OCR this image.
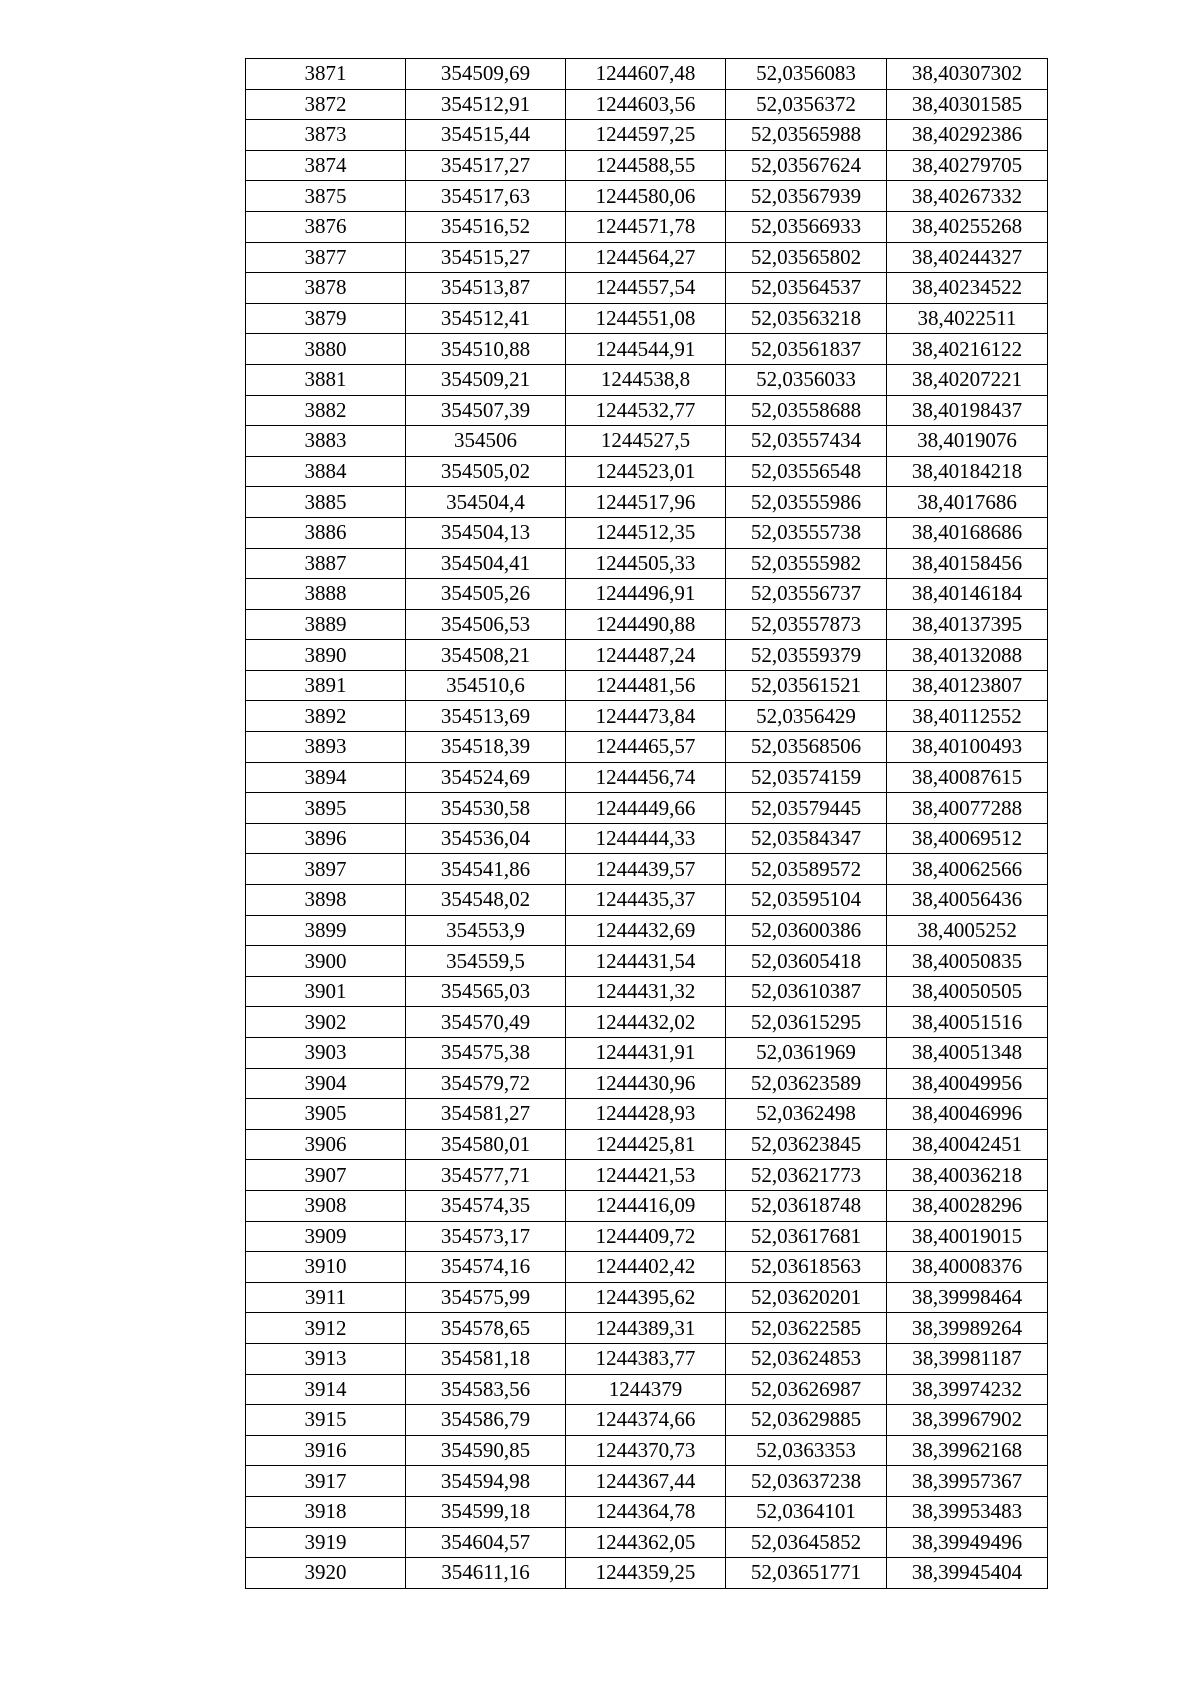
3871	354509,69	1244607,48	52,0356083	38,40307302
3872	354512,91	1244603,56	52,0356372	38,40301585
3873	354515,44	1244597,25	52,03565988	38,40292386
3874	354517,27	1244588,55	52,03567624	38,40279705
3875	354517,63	1244580,06	52,03567939	38,40267332
3876	354516,52	1244571,78	52,03566933	38,40255268
3877	354515,27	1244564,27	52,03565802	38,40244327
3878	354513,87	1244557,54	52,03564537	38,40234522
3879	354512,41	1244551,08	52,03563218	38,4022511
3880	354510,88	1244544,91	52,03561837	38,40216122
3881	354509,21	1244538,8	52,0356033	38,40207221
3882	354507,39	1244532,77	52,03558688	38,40198437
3883	354506	1244527,5	52,03557434	38,4019076
3884	354505,02	1244523,01	52,03556548	38,40184218
3885	354504,4	1244517,96	52,03555986	38,4017686
3886	354504,13	1244512,35	52,03555738	38,40168686
3887	354504,41	1244505,33	52,03555982	38,40158456
3888	354505,26	1244496,91	52,03556737	38,40146184
3889	354506,53	1244490,88	52,03557873	38,40137395
3890	354508,21	1244487,24	52,03559379	38,40132088
3891	354510,6	1244481,56	52,03561521	38,40123807
3892	354513,69	1244473,84	52,0356429	38,40112552
3893	354518,39	1244465,57	52,03568506	38,40100493
3894	354524,69	1244456,74	52,03574159	38,40087615
3895	354530,58	1244449,66	52,03579445	38,40077288
3896	354536,04	1244444,33	52,03584347	38,40069512
3897	354541,86	1244439,57	52,03589572	38,40062566
3898	354548,02	1244435,37	52,03595104	38,40056436
3899	354553,9	1244432,69	52,03600386	38,4005252
3900	354559,5	1244431,54	52,03605418	38,40050835
3901	354565,03	1244431,32	52,03610387	38,40050505
3902	354570,49	1244432,02	52,03615295	38,40051516
3903	354575,38	1244431,91	52,0361969	38,40051348
3904	354579,72	1244430,96	52,03623589	38,40049956
3905	354581,27	1244428,93	52,0362498	38,40046996
3906	354580,01	1244425,81	52,03623845	38,40042451
3907	354577,71	1244421,53	52,03621773	38,40036218
3908	354574,35	1244416,09	52,03618748	38,40028296
3909	354573,17	1244409,72	52,03617681	38,40019015
3910	354574,16	1244402,42	52,03618563	38,40008376
3911	354575,99	1244395,62	52,03620201	38,39998464
3912	354578,65	1244389,31	52,03622585	38,39989264
3913	354581,18	1244383,77	52,03624853	38,39981187
3914	354583,56	1244379	52,03626987	38,39974232
3915	354586,79	1244374,66	52,03629885	38,39967902
3916	354590,85	1244370,73	52,0363353	38,39962168
3917	354594,98	1244367,44	52,03637238	38,39957367
3918	354599,18	1244364,78	52,0364101	38,39953483
3919	354604,57	1244362,05	52,03645852	38,39949496
3920	354611,16	1244359,25	52,03651771	38,39945404
